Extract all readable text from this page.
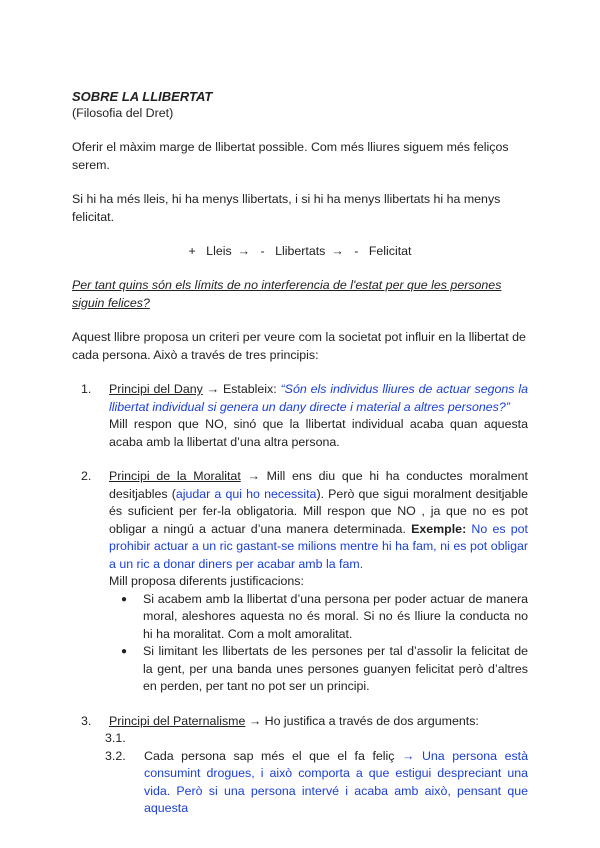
SOBRE LA LLIBERTAT
(Filosofia del Dret)

Oferir el màxim marge de llibertat possible. Com més lliures siguem més feliços serem.

Si hi ha més lleis, hi ha menys llibertats, i si hi ha menys llibertats hi ha menys felicitat.

+ Lleis → - Llibertats → - Felicitat

Per tant quins són els límits de no interferencia de l'estat per que les persones siguin felices?

Aquest llibre proposa un criteri per veure com la societat pot influir en la llibertat de cada persona. Això a través de tres principis:

1. Principi del Dany → Estableix: “Són els individus lliures de actuar segons la llibertat individual si genera un dany directe i material a altres persones?”
Mill respon que NO, sinó que la llibertat individual acaba quan aquesta acaba amb la llibertat d’una altra persona.
2. Principi de la Moralitat → Mill ens diu que hi ha conductes moralment desitjables (ajudar a qui ho necessita). Però que sigui moralment desitjable és suficient per fer-la obligatoria. Mill respon que NO , ja que no es pot obligar a ningú a actuar d’una manera determinada. Exemple: No es pot prohibir actuar a un ric gastant-se milions mentre hi ha fam, ni es pot obligar a un ric a donar diners per acabar amb la fam.
Mill proposa diferents justificacions:
● Si acabem amb la llibertat d’una persona per poder actuar de manera moral, aleshores aquesta no és moral. Si no és lliure la conducta no hi ha moralitat. Com a molt amoralitat.
● Si limitant les llibertats de les persones per tal d’assolir la felicitat de la gent, per una banda unes persones guanyen felicitat però d’altres en perden, per tant no pot ser un principi.
3. Principi del Paternalisme → Ho justifica a través de dos arguments:
3.1.

3.2. Cada persona sap més el que el fa feliç → Una persona està consumint drogues, i això comporta a que estigui despreciant una vida. Però si una persona intervé i acaba amb això, pensant que aquesta
